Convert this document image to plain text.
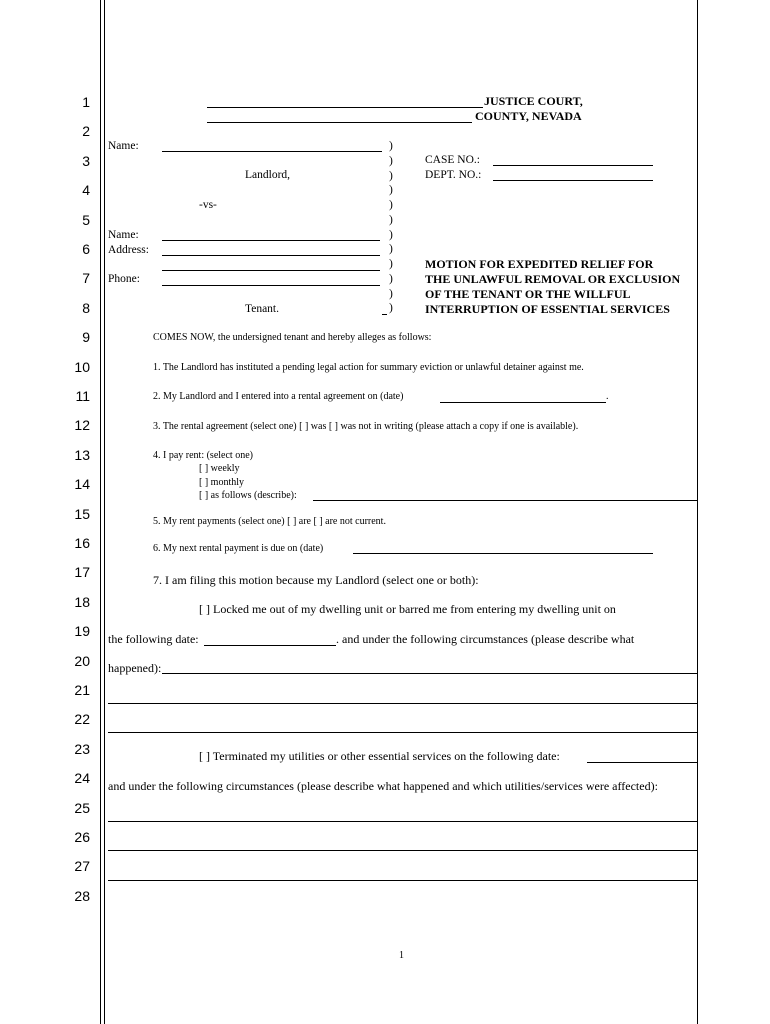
1
2
3
4
5
6
7
8
9
10
11
12
13
14
15
16
17
18
19
20
21
22
23
24
25
26
27
28
JUSTICE COURT,
COUNTY, NEVADA
Name:
Landlord,
-vs-
Name:
Address:
Phone:
Tenant.
)
)
)
)
)
)
)
)
)
)
)
)
CASE NO.:
DEPT. NO.:
MOTION FOR EXPEDITED RELIEF FOR
THE UNLAWFUL REMOVAL OR EXCLUSION
OF THE TENANT OR THE WILLFUL
INTERRUPTION OF ESSENTIAL SERVICES
COMES NOW, the undersigned tenant and hereby alleges as follows:
1. The Landlord has instituted a pending legal action for summary eviction or unlawful detainer against me.
2. My Landlord and I entered into a rental agreement on (date)	.
3. The rental agreement (select one) [ ] was [ ] was not in writing (please attach a copy if one is available).
4. I pay rent: (select one)
[ ] weekly
[ ] monthly
[ ] as follows (describe):
5. My rent payments (select one) [ ] are [ ] are not current.
6. My next rental payment is due on (date)
7. I am filing this motion because my Landlord (select one or both):
[ ] Locked me out of my dwelling unit or barred me from entering my dwelling unit on
the following date:	. and under the following circumstances (please describe what
happened):
[ ] Terminated my utilities or other essential services on the following date:
and under the following circumstances (please describe what happened and which utilities/services were affected):
1
